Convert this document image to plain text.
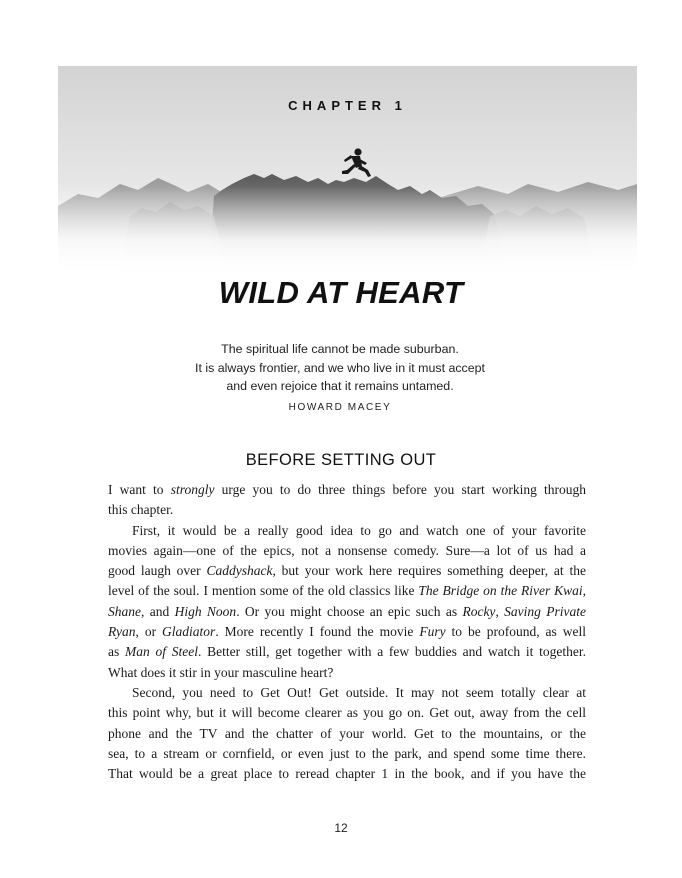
CHAPTER 1
WILD AT HEART
The spiritual life cannot be made suburban.
It is always frontier, and we who live in it must accept
and even rejoice that it remains untamed.
HOWARD MACEY
BEFORE SETTING OUT
I want to strongly urge you to do three things before you start working through
this chapter.
First, it would be a really good idea to go and watch one of your favorite
movies again—one of the epics, not a nonsense comedy. Sure—a lot of us had a
good laugh over Caddyshack, but your work here requires something deeper, at the
level of the soul. I mention some of the old classics like The Bridge on the River Kwai,
Shane, and High Noon. Or you might choose an epic such as Rocky, Saving Private
Ryan, or Gladiator. More recently I found the movie Fury to be profound, as well
as Man of Steel. Better still, get together with a few buddies and watch it together.
What does it stir in your masculine heart?
Second, you need to Get Out! Get outside. It may not seem totally clear at
this point why, but it will become clearer as you go on. Get out, away from the cell
phone and the TV and the chatter of your world. Get to the mountains, or the
sea, to a stream or cornfield, or even just to the park, and spend some time there.
That would be a great place to reread chapter 1 in the book, and if you have the
12
